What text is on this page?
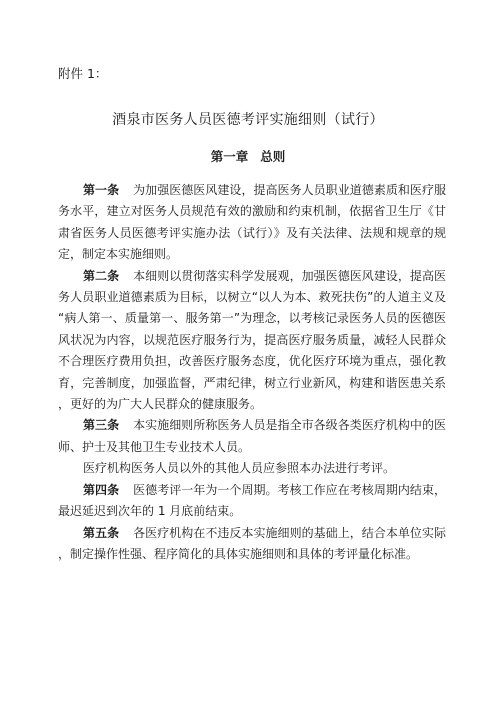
附件 1：

酒泉市医务人员医德考评实施细则（试行）
第一章 总则

第一条 为加强医德医风建设，提高医务人员职业道德素质和医疗服务水平，建立对医务人员规范有效的激励和约束机制，依据省卫生厅《甘肃省医务人员医德考评实施办法（试行）》及有关法律、法规和规章的规定，制定本实施细则。

第二条 本细则以贯彻落实科学发展观，加强医德医风建设，提高医务人员职业道德素质为目标，以树立“以人为本、救死扶伤”的人道主义及“病人第一、质量第一、服务第一”为理念，以考核记录医务人员的医德医风状况为内容，以规范医疗服务行为，提高医疗服务质量，减轻人民群众不合理医疗费用负担，改善医疗服务态度，优化医疗环境为重点，强化教育，完善制度，加强监督，严肃纪律，树立行业新风，构建和谐医患关系，更好的为广大人民群众的健康服务。

第三条 本实施细则所称医务人员是指全市各级各类医疗机构中的医师、护士及其他卫生专业技术人员。

医疗机构医务人员以外的其他人员应参照本办法进行考评。

第四条 医德考评一年为一个周期。考核工作应在考核周期内结束，最迟延迟到次年的 1 月底前结束。

第五条 各医疗机构在不违反本实施细则的基础上，结合本单位实际，制定操作性强、程序简化的具体实施细则和具体的考评量化标准。
